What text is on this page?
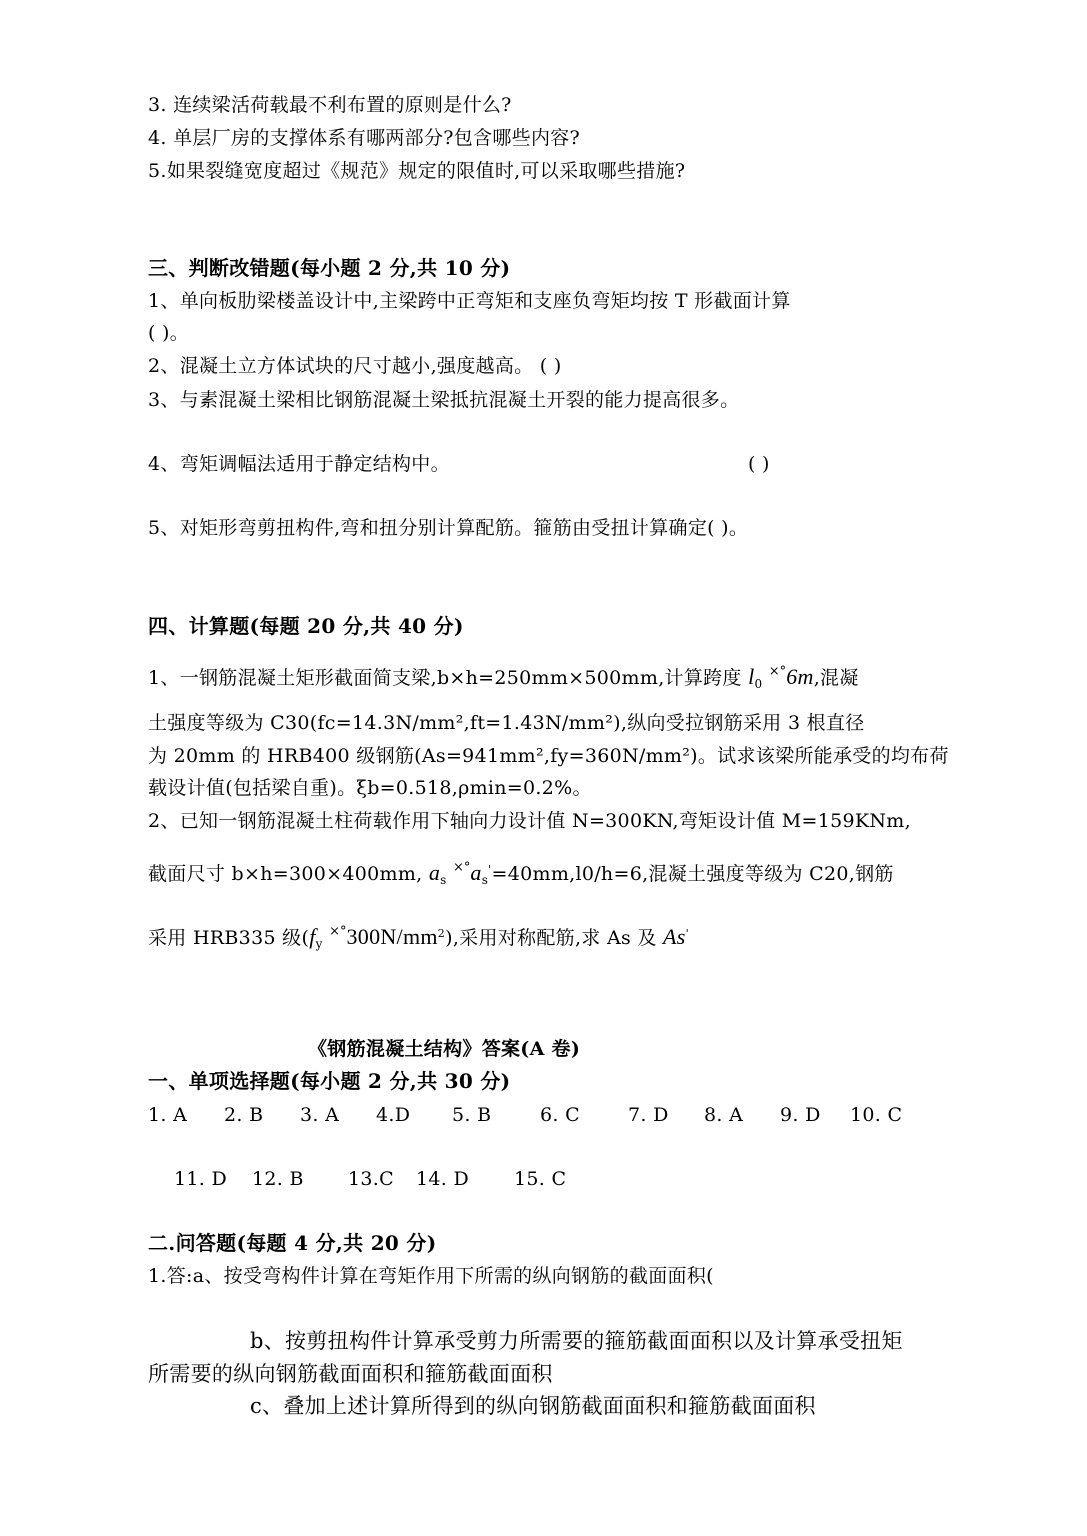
3. 连续梁活荷载最不利布置的原则是什么?
4. 单层厂房的支撑体系有哪两部分?包含哪些内容?
5.如果裂缝宽度超过《规范》规定的限值时,可以采取哪些措施?
三、判断改错题(每小题 2 分,共 10 分)
1、单向板肋梁楼盖设计中,主梁跨中正弯矩和支座负弯矩均按 T 形截面计算
( )。
2、混凝土立方体试块的尺寸越小,强度越高。 ( )
3、与素混凝土梁相比钢筋混凝土梁抵抗混凝土开裂的能力提高很多。
4、弯矩调幅法适用于静定结构中。	( )
5、对矩形弯剪扭构件,弯和扭分别计算配筋。箍筋由受扭计算确定( )。
四、计算题(每题 20 分,共 40 分)
1、一钢筋混凝土矩形截面简支梁,b×h=250mm×500mm,计算跨度 $l_0$ ×°6m,混凝
土强度等级为 C30(fc=14.3N/mm²,ft=1.43N/mm²),纵向受拉钢筋采用 3 根直径
为 20mm 的 HRB400 级钢筋(As=941mm²,fy=360N/mm²)。试求该梁所能承受的均布荷
载设计值(包括梁自重)。ξb=0.518,ρmin=0.2%。
2、已知一钢筋混凝土柱荷载作用下轴向力设计值 N=300KN,弯矩设计值 M=159KNm,
截面尺寸 b×h=300×400mm, $a_s$ $^{\times^\circ}a_s'=40mm,l0/h=6$,混凝土强度等级为 C20,钢筋
采用 HRB335 级($f_y$ $^{\times^\circ}300N/mm^2$),采用对称配筋,求 As 及 As'
《钢筋混凝土结构》答案(A 卷)
一、单项选择题(每小题 2 分,共 30 分)
1. A 2. B 3. A 4.D 5. B	6. C	7. D 8. A 9. D 10. C
11. D 12. B 13.C 14. D 15. C
二.问答题(每题 4 分,共 20 分)
1.答:a、按受弯构件计算在弯矩作用下所需的纵向钢筋的截面面积(
b、按剪扭构件计算承受剪力所需要的箍筋截面面积以及计算承受扭矩
所需要的纵向钢筋截面面积和箍筋截面面积
c、叠加上述计算所得到的纵向钢筋截面面积和箍筋截面面积
